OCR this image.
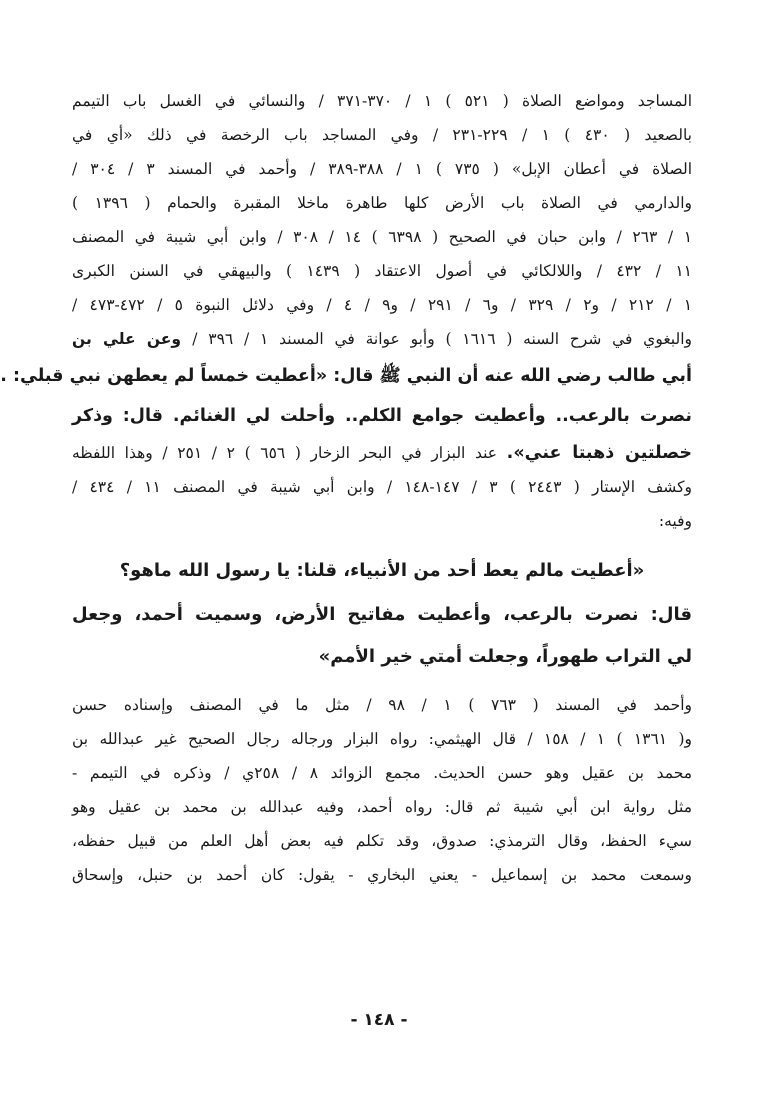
المساجد ومواضع الصلاة ( ٥٢١ ) ١ / ٣٧٠-٣٧١ / والنسائي في الغسل باب التيمم
بالصعيد ( ٤٣٠ ) ١ / ٢٢٩-٢٣١ / وفي المساجد باب الرخصة في ذلك «أي في
الصلاة في أعطان الإبل» ( ٧٣٥ ) ١ / ٣٨٨-٣٨٩ / وأحمد في المسند ٣ / ٣٠٤ /
والدارمي في الصلاة باب الأرض كلها طاهرة ماخلا المقبرة والحمام ( ١٣٩٦ )
١ / ٢٦٣ / وابن حبان في الصحيح ( ٦٣٩٨ ) ١٤ / ٣٠٨ / وابن أبي شيبة في المصنف
١١ / ٤٣٢ / واللالكائي في أصول الاعتقاد ( ١٤٣٩ ) والبيهقي في السنن الكبرى
١ / ٢١٢ / و٢ / ٣٢٩ / و٦ / ٢٩١ / و٩ / ٤ / وفي دلائل النبوة ٥ / ٤٧٢-٤٧٣ /
والبغوي في شرح السنه ( ١٦١٦ ) وأبو عوانة في المسند ١ / ٣٩٦ / وعن علي بن
أبي طالب رضي الله عنه أن النبي ﷺ قال: «أعطيت خمساً لم يعطهن نبي قبلي: .
نصرت بالرعب.. وأعطيت جوامع الكلم.. وأحلت لي الغنائم. قال: وذكر
خصلتين ذهبتا عني». عند البزار في البحر الزخار ( ٦٥٦ ) ٢ / ٢٥١ / وهذا اللفظه
وكشف الإستار ( ٢٤٤٣ ) ٣ / ١٤٧-١٤٨ / وابن أبي شيبة في المصنف ١١ / ٤٣٤ /
وفيه:
«أعطيت مالم يعط أحد من الأنبياء، قلنا: يا رسول الله ماهو؟
قال: نصرت بالرعب، وأعطيت مفاتيح الأرض، وسميت أحمد، وجعل
لي التراب طهوراً، وجعلت أمتي خير الأمم»
وأحمد في المسند ( ٧٦٣ ) ١ / ٩٨ / مثل ما في المصنف وإسناده حسن
و( ١٣٦١ ) ١ / ١٥٨ / قال الهيثمي: رواه البزار ورجاله رجال الصحيح غير عبدالله بن
محمد بن عقيل وهو حسن الحديث. مجمع الزوائد ٨ / ٢٥٨ي / وذكره في التيمم -
مثل رواية ابن أبي شيبة ثم قال: رواه أحمد، وفيه عبدالله بن محمد بن عقيل وهو
سيء الحفظ، وقال الترمذي: صدوق، وقد تكلم فيه بعض أهل العلم من قبيل حفظه،
وسمعت محمد بن إسماعيل - يعني البخاري - يقول: كان أحمد بن حنبل، وإسحاق
- ١٤٨ -
